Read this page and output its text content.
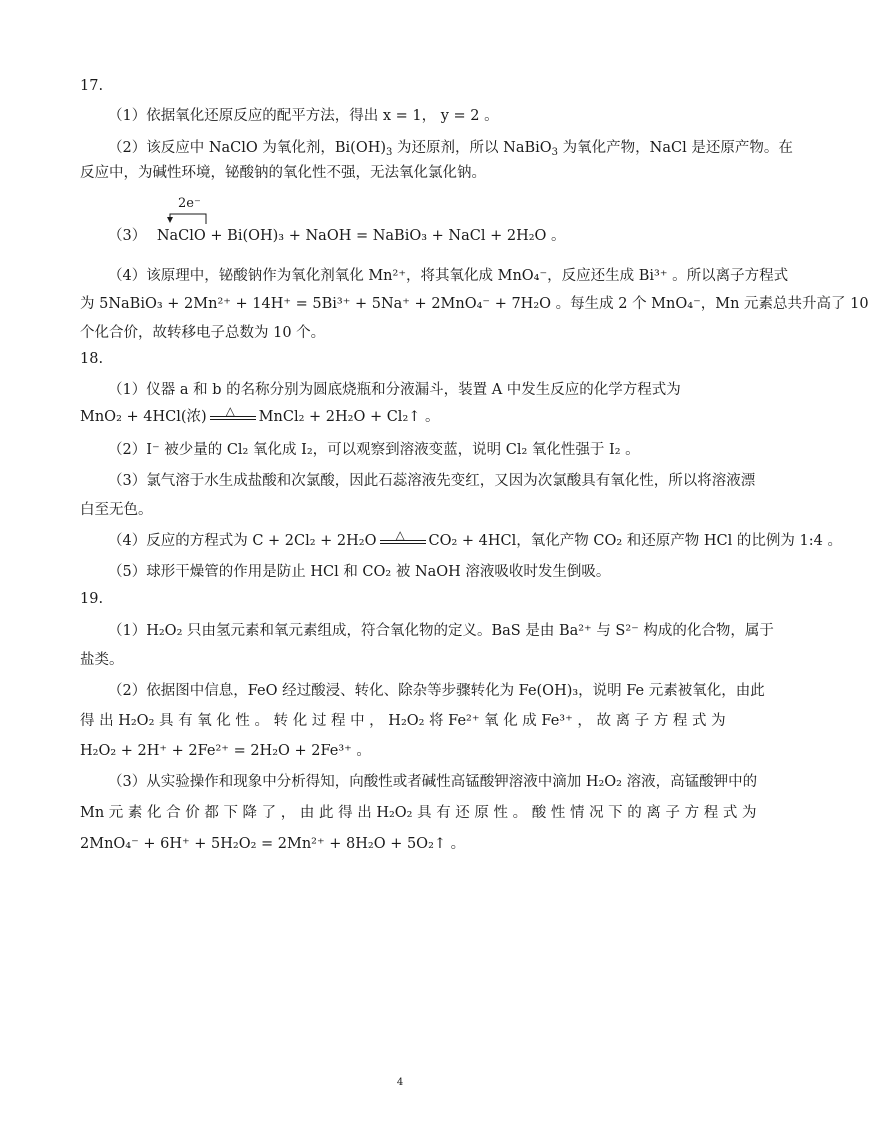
17.
（1）依据氧化还原反应的配平方法，得出 x = 1， y = 2 。
（2）该反应中 NaClO 为氧化剂，$Bi(OH)_3$ 为还原剂，所以 NaBiO$_3$ 为氧化产物，NaCl 是还原产物。在
反应中，为碱性环境，铋酸钠的氧化性不强，无法氧化氯化钠。
2e⁻
（3） NaClO + Bi(OH)₃ + NaOH = NaBiO₃ + NaCl + 2H₂O 。
（4）该原理中，铋酸钠作为氧化剂氧化 Mn²⁺，将其氧化成 MnO₄⁻，反应还生成 Bi³⁺ 。所以离子方程式
为 5NaBiO₃ + 2Mn²⁺ + 14H⁺ = 5Bi³⁺ + 5Na⁺ + 2MnO₄⁻ + 7H₂O 。每生成 2 个 MnO₄⁻，Mn 元素总共升高了 10
个化合价，故转移电子总数为 10 个。
18.
（1）仪器 a 和 b 的名称分别为圆底烧瓶和分液漏斗，装置 A 中发生反应的化学方程式为
MnO₂ + 4HCl(浓) △ MnCl₂ + 2H₂O + Cl₂↑ 。
（2）I⁻ 被少量的 Cl₂ 氧化成 I₂，可以观察到溶液变蓝，说明 Cl₂ 氧化性强于 I₂ 。
（3）氯气溶于水生成盐酸和次氯酸，因此石蕊溶液先变红，又因为次氯酸具有氧化性，所以将溶液漂
白至无色。
（4）反应的方程式为 C + 2Cl₂ + 2H₂O △ CO₂ + 4HCl，氧化产物 CO₂ 和还原产物 HCl 的比例为 1:4 。
（5）球形干燥管的作用是防止 HCl 和 CO₂ 被 NaOH 溶液吸收时发生倒吸。
19.
（1）H₂O₂ 只由氢元素和氧元素组成，符合氧化物的定义。BaS 是由 Ba²⁺ 与 S²⁻ 构成的化合物，属于
盐类。
（2）依据图中信息，FeO 经过酸浸、转化、除杂等步骤转化为 Fe(OH)₃，说明 Fe 元素被氧化，由此
得 出 H₂O₂ 具 有 氧 化 性 。 转 化 过 程 中 ， H₂O₂ 将 Fe²⁺ 氧 化 成 Fe³⁺ ， 故 离 子 方 程 式 为
H₂O₂ + 2H⁺ + 2Fe²⁺ = 2H₂O + 2Fe³⁺ 。
（3）从实验操作和现象中分析得知，向酸性或者碱性高锰酸钾溶液中滴加 H₂O₂ 溶液，高锰酸钾中的
Mn 元 素 化 合 价 都 下 降 了 ， 由 此 得 出 H₂O₂ 具 有 还 原 性 。 酸 性 情 况 下 的 离 子 方 程 式 为
2MnO₄⁻ + 6H⁺ + 5H₂O₂ = 2Mn²⁺ + 8H₂O + 5O₂↑ 。
4
